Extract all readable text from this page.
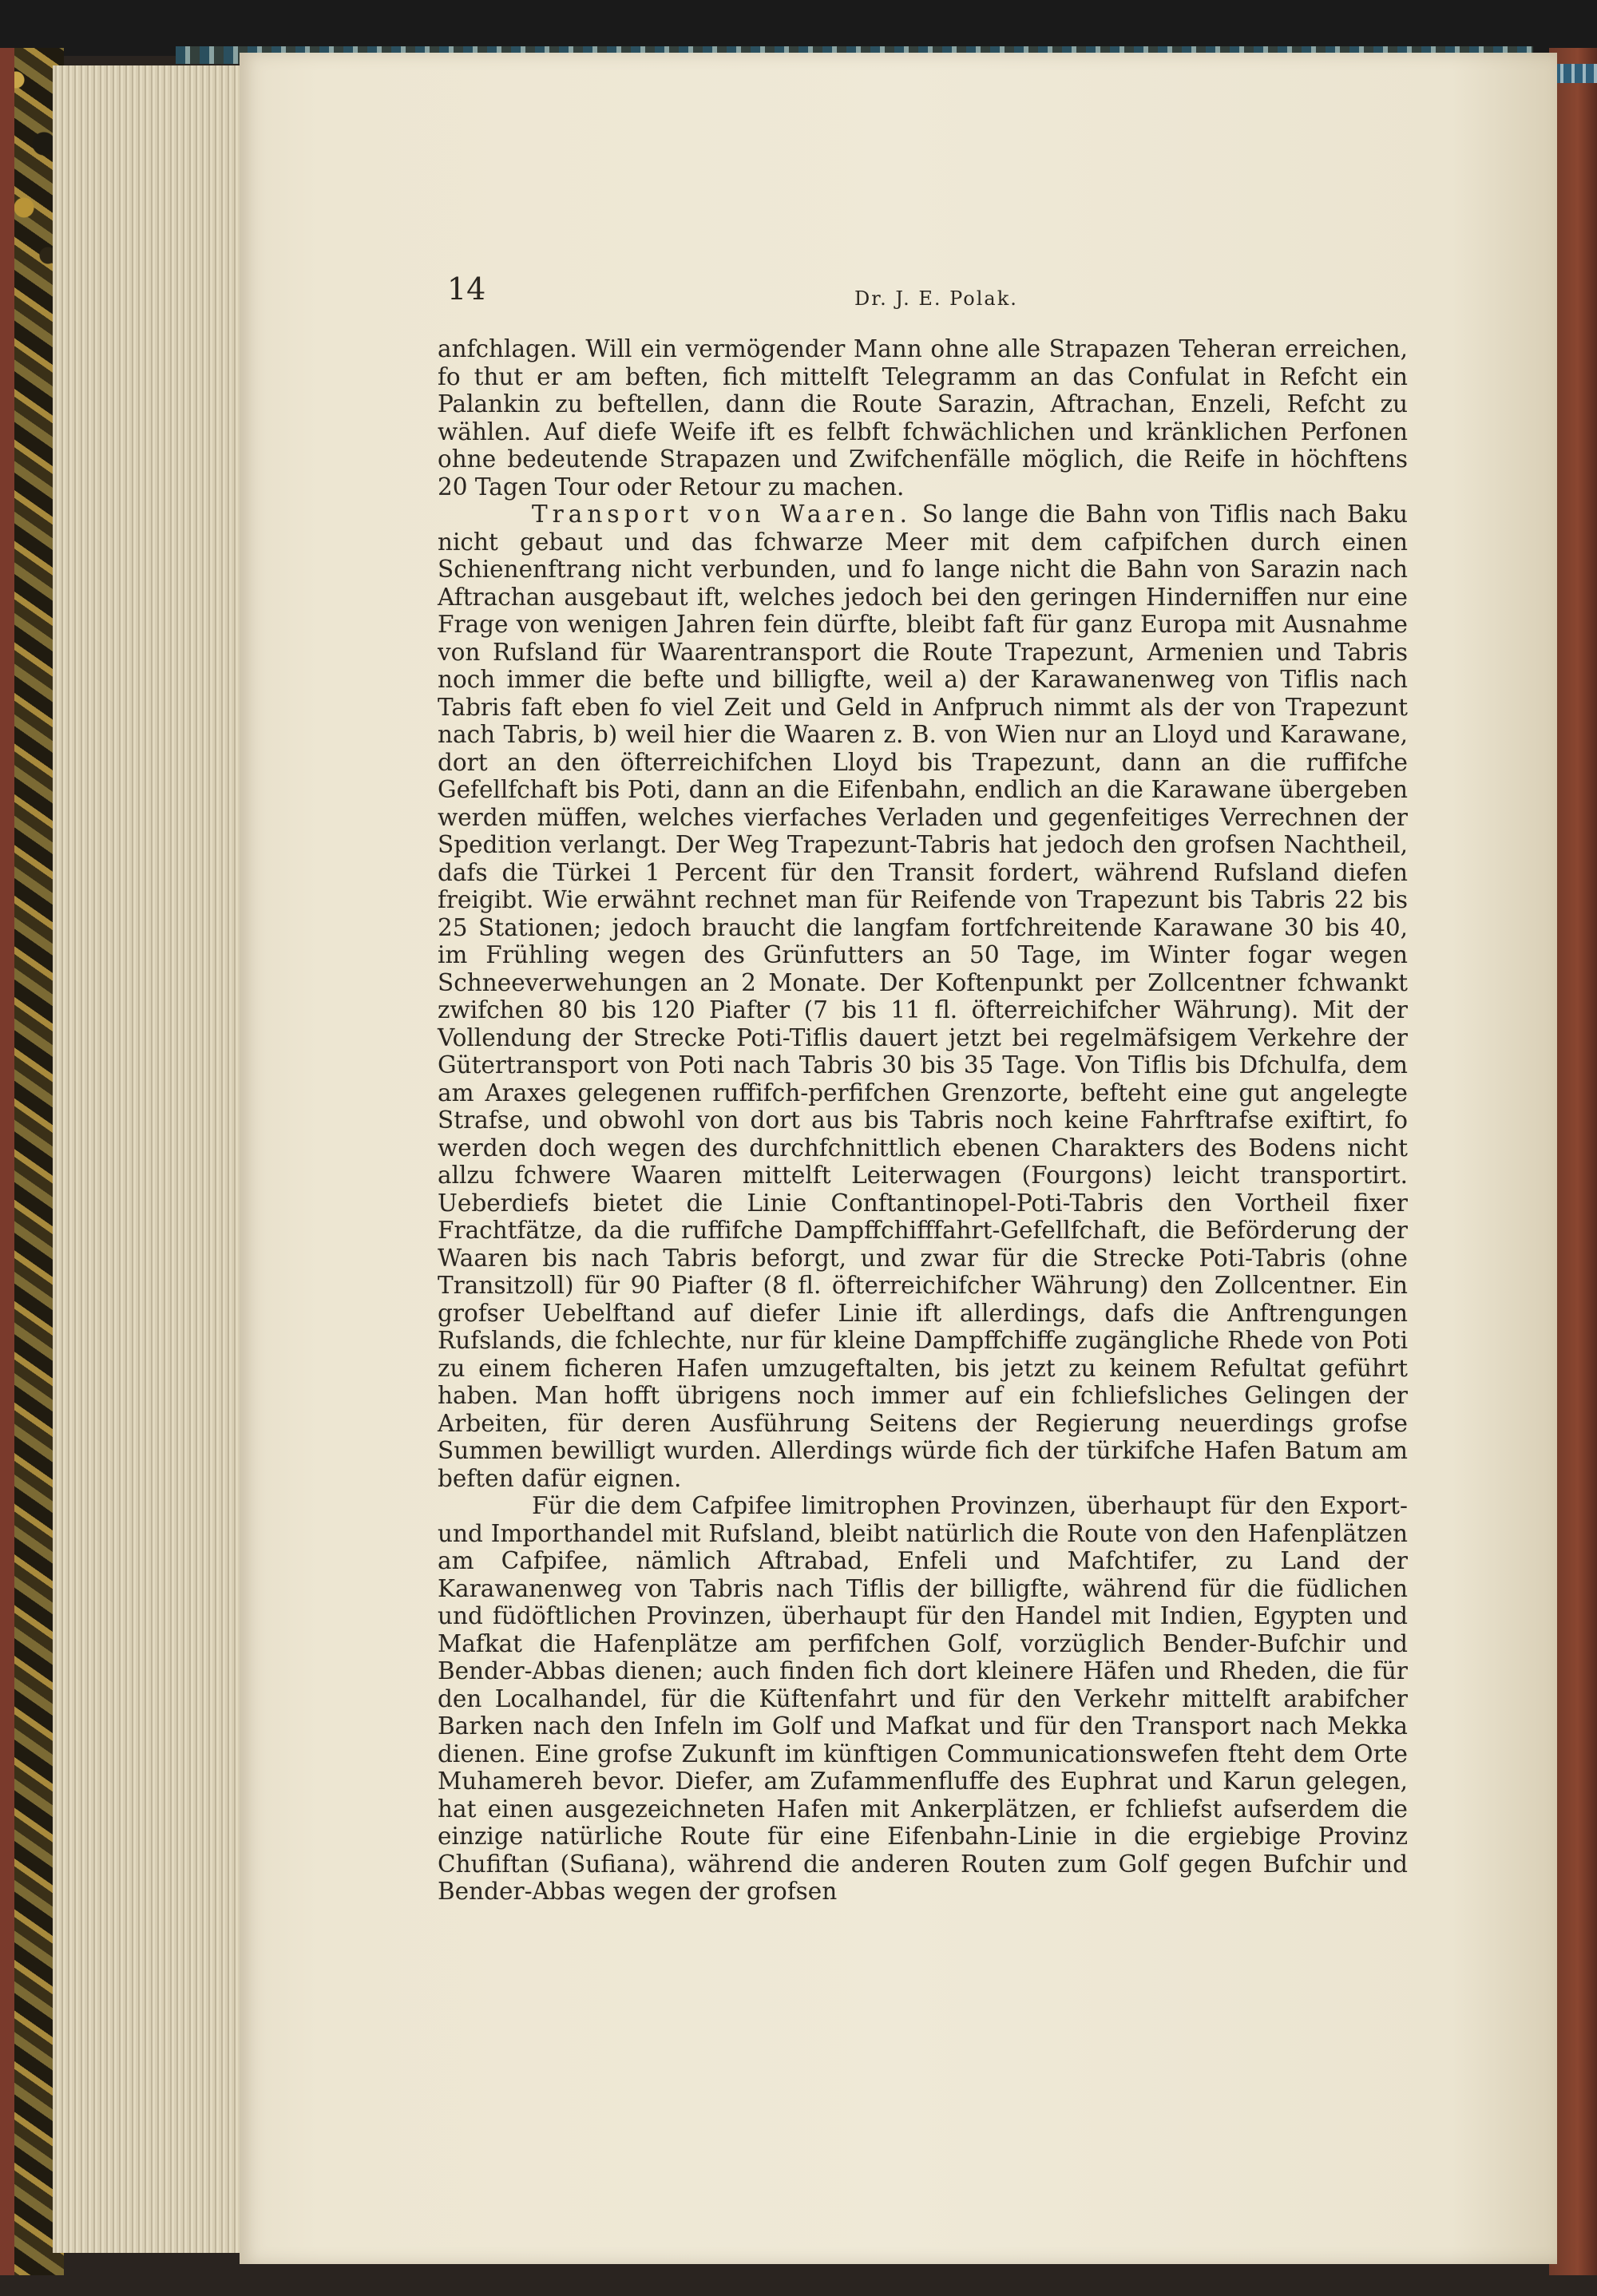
14	Dr. J. E. Polak.

anfchlagen. Will ein vermögender Mann ohne alle Strapazen Teheran erreichen, fo thut er am beften, fich mittelft Telegramm an das Confulat in Refcht ein Palankin zu beftellen, dann die Route Sarazin, Aftrachan, Enzeli, Refcht zu wählen. Auf diefe Weife ift es felbft fchwächlichen und kränklichen Perfonen ohne bedeutende Strapazen und Zwifchenfälle möglich, die Reife in höchftens 20 Tagen Tour oder Retour zu machen.

Transport von Waaren. So lange die Bahn von Tiflis nach Baku nicht gebaut und das fchwarze Meer mit dem cafpifchen durch einen Schienenftrang nicht verbunden, und fo lange nicht die Bahn von Sarazin nach Aftrachan ausgebaut ift, welches jedoch bei den geringen Hinderniffen nur eine Frage von wenigen Jahren fein dürfte, bleibt faft für ganz Europa mit Ausnahme von Rufsland für Waarentransport die Route Trapezunt, Armenien und Tabris noch immer die befte und billigfte, weil a) der Karawanenweg von Tiflis nach Tabris faft eben fo viel Zeit und Geld in Anfpruch nimmt als der von Trapezunt nach Tabris, b) weil hier die Waaren z. B. von Wien nur an Lloyd und Karawane, dort an den öfterreichifchen Lloyd bis Trapezunt, dann an die ruffifche Gefellfchaft bis Poti, dann an die Eifenbahn, endlich an die Karawane übergeben werden müffen, welches vierfaches Verladen und gegenfeitiges Verrechnen der Spedition verlangt. Der Weg Trapezunt-Tabris hat jedoch den grofsen Nachtheil, dafs die Türkei 1 Percent für den Transit fordert, während Rufsland diefen freigibt. Wie erwähnt rechnet man für Reifende von Trapezunt bis Tabris 22 bis 25 Stationen; jedoch braucht die langfam fortfchreitende Karawane 30 bis 40, im Frühling wegen des Grünfutters an 50 Tage, im Winter fogar wegen Schneeverwehungen an 2 Monate. Der Koftenpunkt per Zollcentner fchwankt zwifchen 80 bis 120 Piafter (7 bis 11 fl. öfterreichifcher Währung). Mit der Vollendung der Strecke Poti-Tiflis dauert jetzt bei regelmäfsigem Verkehre der Gütertransport von Poti nach Tabris 30 bis 35 Tage. Von Tiflis bis Dfchulfa, dem am Araxes gelegenen ruffifch-perfifchen Grenzorte, befteht eine gut angelegte Strafse, und obwohl von dort aus bis Tabris noch keine Fahrftrafse exiftirt, fo werden doch wegen des durchfchnittlich ebenen Charakters des Bodens nicht allzu fchwere Waaren mittelft Leiterwagen (Fourgons) leicht transportirt. Ueberdiefs bietet die Linie Conftantinopel-Poti-Tabris den Vortheil fixer Frachtfätze, da die ruffifche Dampffchifffahrt-Gefellfchaft, die Beförderung der Waaren bis nach Tabris beforgt, und zwar für die Strecke Poti-Tabris (ohne Transitzoll) für 90 Piafter (8 fl. öfterreichifcher Währung) den Zollcentner. Ein grofser Uebelftand auf diefer Linie ift allerdings, dafs die Anftrengungen Rufslands, die fchlechte, nur für kleine Dampffchiffe zugängliche Rhede von Poti zu einem ficheren Hafen umzugeftalten, bis jetzt zu keinem Refultat geführt haben. Man hofft übrigens noch immer auf ein fchliefsliches Gelingen der Arbeiten, für deren Ausführung Seitens der Regierung neuerdings grofse Summen bewilligt wurden. Allerdings würde fich der türkifche Hafen Batum am beften dafür eignen.

Für die dem Cafpifee limitrophen Provinzen, überhaupt für den Export- und Importhandel mit Rufsland, bleibt natürlich die Route von den Hafenplätzen am Cafpifee, nämlich Aftrabad, Enfeli und Mafchtifer, zu Land der Karawanenweg von Tabris nach Tiflis der billigfte, während für die füdlichen und füdöftlichen Provinzen, überhaupt für den Handel mit Indien, Egypten und Mafkat die Hafenplätze am perfifchen Golf, vorzüglich Bender-Bufchir und Bender-Abbas dienen; auch finden fich dort kleinere Häfen und Rheden, die für den Localhandel, für die Küftenfahrt und für den Verkehr mittelft arabifcher Barken nach den Infeln im Golf und Mafkat und für den Transport nach Mekka dienen. Eine grofse Zukunft im künftigen Communicationswefen fteht dem Orte Muhamereh bevor. Diefer, am Zufammenfluffe des Euphrat und Karun gelegen, hat einen ausgezeichneten Hafen mit Ankerplätzen, er fchliefst aufserdem die einzige natürliche Route für eine Eifenbahn-Linie in die ergiebige Provinz Chufiftan (Sufiana), während die anderen Routen zum Golf gegen Bufchir und Bender-Abbas wegen der grofsen
